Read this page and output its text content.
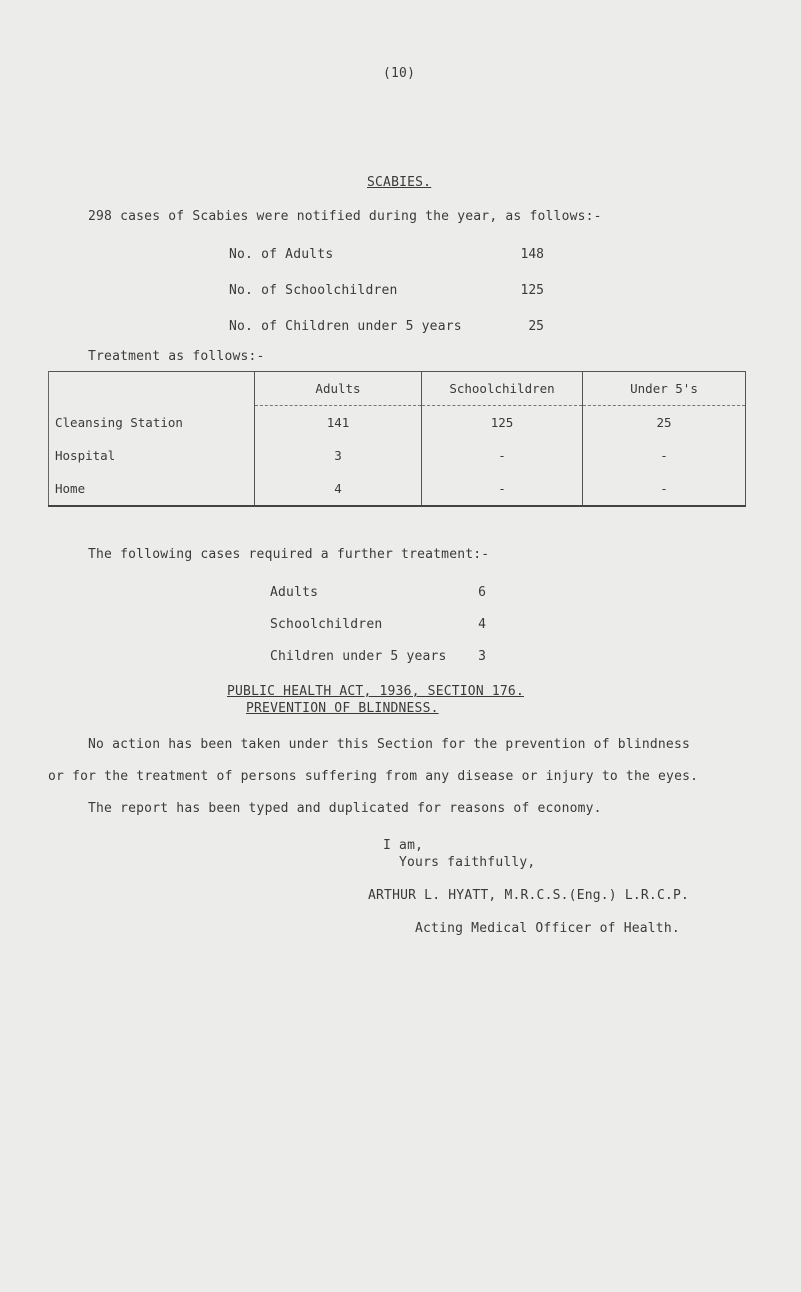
(10)
SCABIES.
298 cases of Scabies were notified during the year, as follows:-
No. of Adults	148
No. of Schoolchildren	125
No. of Children under 5 years	25
Treatment as follows:-
	Adults	Schoolchildren	Under 5's
Cleansing Station	141	125	25
Hospital	3	-	-
Home	4	-	-
The following cases required a further treatment:-
Adults	6
Schoolchildren	4
Children under 5 years	3
PUBLIC HEALTH ACT, 1936, SECTION 176.
PREVENTION OF BLINDNESS.
No action has been taken under this Section for the prevention of blindness
or for the treatment of persons suffering from any disease or injury to the eyes.
The report has been typed and duplicated for reasons of economy.
I am,
Yours faithfully,
ARTHUR L. HYATT, M.R.C.S.(Eng.) L.R.C.P.
Acting Medical Officer of Health.
